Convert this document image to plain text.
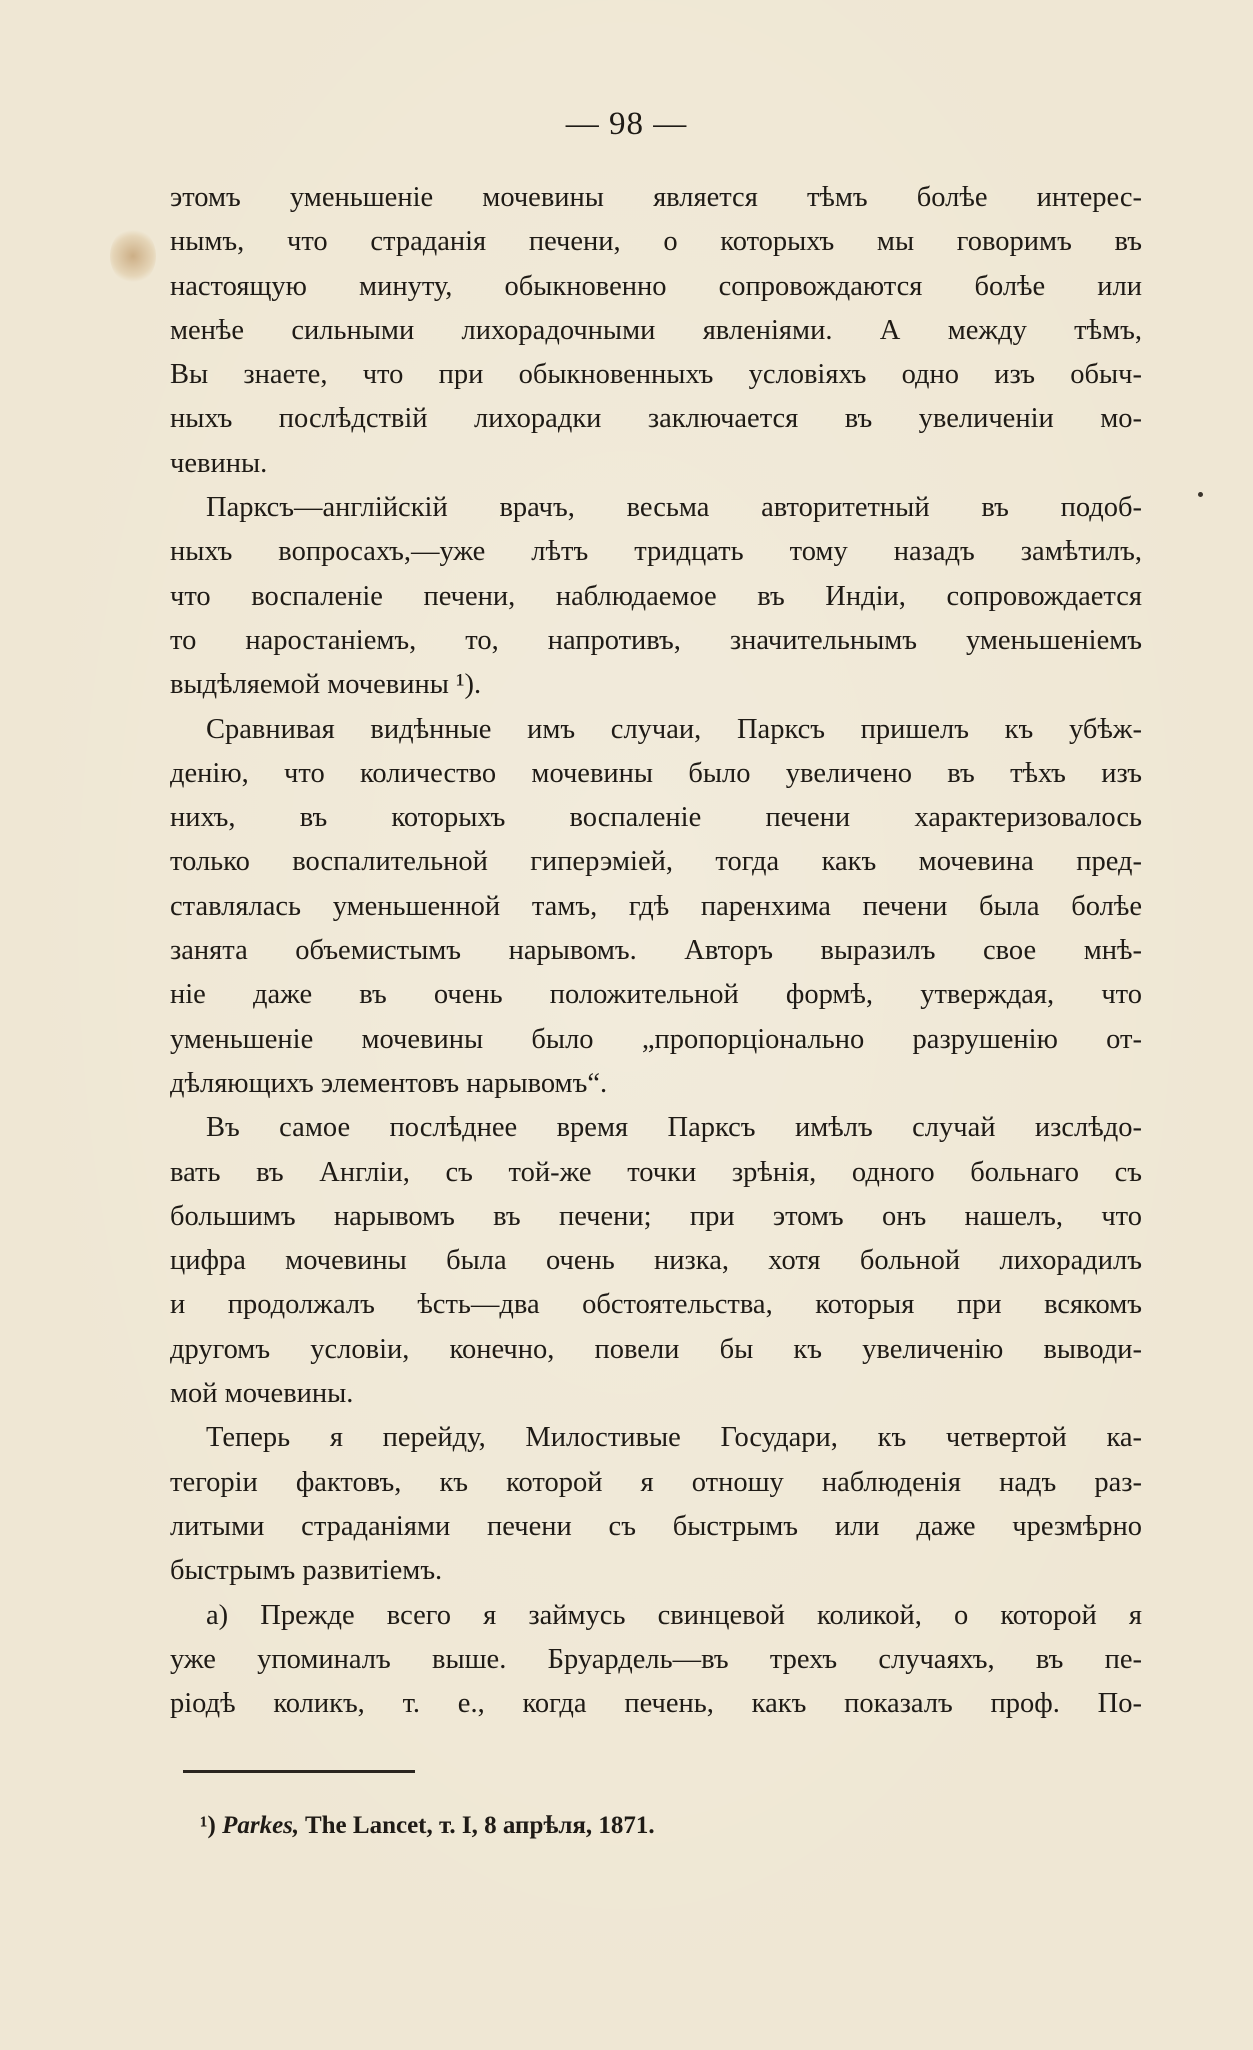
— 98 —
этомъ уменьшеніе мочевины является тѣмъ болѣе интерес-
нымъ, что страданія печени, о которыхъ мы говоримъ въ
настоящую минуту, обыкновенно сопровождаются болѣе или
менѣе сильными лихорадочными явленіями. А между тѣмъ,
Вы знаете, что при обыкновенныхъ условіяхъ одно изъ обыч-
ныхъ послѣдствій лихорадки заключается въ увеличеніи мо-
чевины.
Парксъ—англійскій врачъ, весьма авторитетный въ подоб-
ныхъ вопросахъ,—уже лѣтъ тридцать тому назадъ замѣтилъ,
что воспаленіе печени, наблюдаемое въ Индіи, сопровождается
то наростаніемъ, то, напротивъ, значительнымъ уменьшеніемъ
выдѣляемой мочевины ¹).
Сравнивая видѣнные имъ случаи, Парксъ пришелъ къ убѣж-
денію, что количество мочевины было увеличено въ тѣхъ изъ
нихъ, въ которыхъ воспаленіе печени характеризовалось
только воспалительной гиперэміей, тогда какъ мочевина пред-
ставлялась уменьшенной тамъ, гдѣ паренхима печени была болѣе
занята объемистымъ нарывомъ. Авторъ выразилъ свое мнѣ-
ніе даже въ очень положительной формѣ, утверждая, что
уменьшеніе мочевины было „пропорціонально разрушенію от-
дѣляющихъ элементовъ нарывомъ“.
Въ самое послѣднее время Парксъ имѣлъ случай изслѣдо-
вать въ Англіи, съ той-же точки зрѣнія, одного больнаго съ
большимъ нарывомъ въ печени; при этомъ онъ нашелъ, что
цифра мочевины была очень низка, хотя больной лихорадилъ
и продолжалъ ѣсть—два обстоятельства, которыя при всякомъ
другомъ условіи, конечно, повели бы къ увеличенію выводи-
мой мочевины.
Теперь я перейду, Милостивые Государи, къ четвертой ка-
тегоріи фактовъ, къ которой я отношу наблюденія надъ раз-
литыми страданіями печени съ быстрымъ или даже чрезмѣрно
быстрымъ развитіемъ.
а) Прежде всего я займусь свинцевой коликой, о которой я
уже упоминалъ выше. Бруардель—въ трехъ случаяхъ, въ пе-
ріодѣ коликъ, т. е., когда печень, какъ показалъ проф. По-
¹) Parkes, The Lancet, т. I, 8 апрѣля, 1871.
